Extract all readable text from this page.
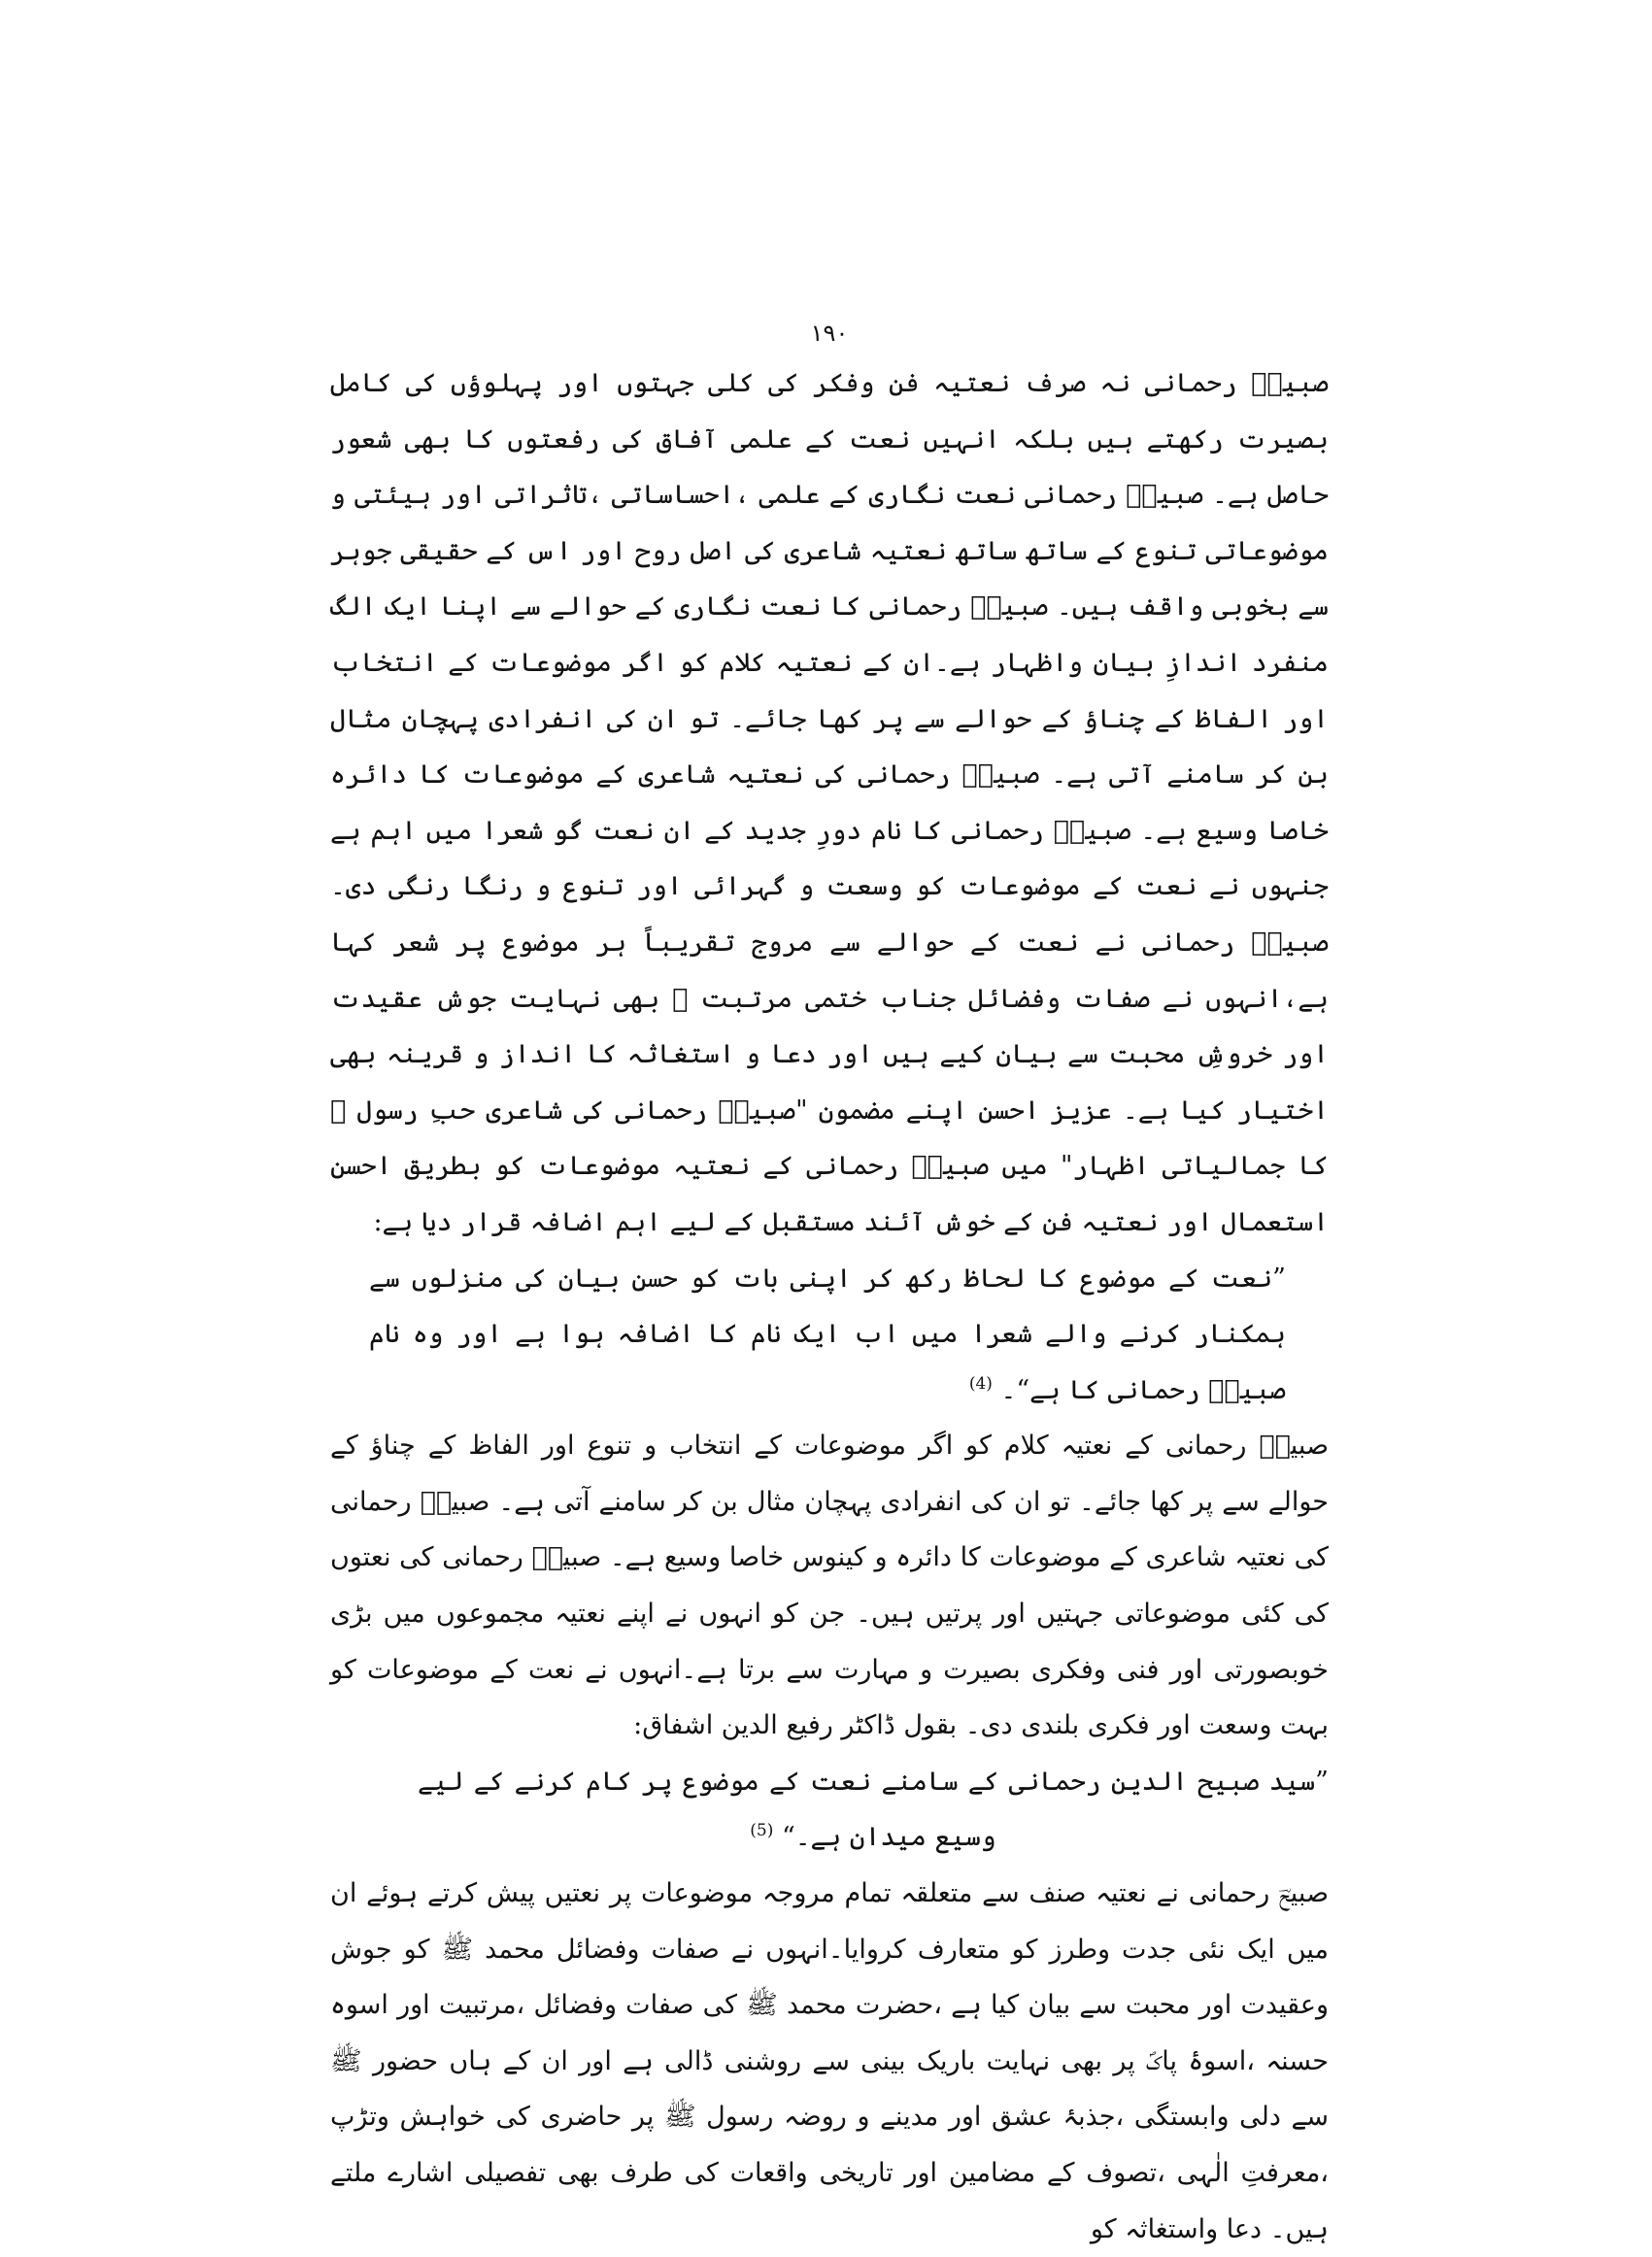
۱۹۰

صبیحؔ رحمانی نہ صرف نعتیہ فن وفکر کی کلی جہتوں اور پہلوؤں کی کامل بصیرت رکھتے ہیں بلکہ انہیں نعت کے علمی آفاق کی رفعتوں کا بھی شعور حاصل ہے۔ صبیحؔ رحمانی نعت نگاری کے علمی ،احساساتی ،تاثراتی اور ہیئتی و موضوعاتی تنوع کے ساتھ ساتھ نعتیہ شاعری کی اصل روح اور اس کے حقیقی جوہر سے بخوبی واقف ہیں۔ صبیحؔ رحمانی کا نعت نگاری کے حوالے سے اپنا ایک الگ منفرد اندازِ بیان واظہار ہے۔ان کے نعتیہ کلام کو اگر موضوعات کے انتخاب اور الفاظ کے چناؤ کے حوالے سے پر کھا جائے۔ تو ان کی انفرادی پہچان مثال بن کر سامنے آتی ہے۔ صبیحؔ رحمانی کی نعتیہ شاعری کے موضوعات کا دائرہ خاصا وسیع ہے۔ صبیحؔ رحمانی کا نام دورِ جدید کے ان نعت گو شعرا میں اہم ہے جنہوں نے نعت کے موضوعات کو وسعت و گہرائی اور تنوع و رنگا رنگی دی۔ صبیحؔ رحمانی نے نعت کے حوالے سے مروج تقریباً ہر موضوع پر شعر کہا ہے،انہوں نے صفات وفضائل جناب ختمی مرتبت ﷺ بھی نہایت جوش عقیدت اور خروشِ محبت سے بیان کیے ہیں اور دعا و استغاثہ کا انداز و قرینہ بھی اختیار کیا ہے۔ عزیز احسن اپنے مضمون "صبیحؔ رحمانی کی شاعری حبِ رسول ﷺ کا جمالیاتی اظہار" میں صبیحؔ رحمانی کے نعتیہ موضوعات کو بطریق احسن استعمال اور نعتیہ فن کے خوش آئند مستقبل کے لیے اہم اضافہ قرار دیا ہے:

”نعت کے موضوع کا لحاظ رکھ کر اپنی بات کو حسنِ بیان کی منزلوں سے ہمکنار کرنے والے شعرا میں اب ایک نام کا اضافہ ہوا ہے اور وہ نام صبیحؔ رحمانی کا ہے“۔ $^{(4)}$

صبیحؔ رحمانی کے نعتیہ کلام کو اگر موضوعات کے انتخاب و تنوع اور الفاظ کے چناؤ کے حوالے سے پر کھا جائے۔ تو ان کی انفرادی پہچان مثال بن کر سامنے آتی ہے۔ صبیحؔ رحمانی کی نعتیہ شاعری کے موضوعات کا دائرہ و کینوس خاصا وسیع ہے۔ صبیحؔ رحمانی کی نعتوں کی کئی موضوعاتی جہتیں اور پرتیں ہیں۔ جن کو انہوں نے اپنے نعتیہ مجموعوں میں بڑی خوبصورتی اور فنی وفکری بصیرت و مہارت سے برتا ہے۔انہوں نے نعت کے موضوعات کو بہت وسعت اور فکری بلندی دی۔ بقول ڈاکٹر رفیع الدین اشفاق:

”سید صبیح الدین رحمانی کے سامنے نعت کے موضوع پر کام کرنے کے لیے وسیع میدان ہے۔“ $^{(5)}$

صبیحؔ رحمانی نے نعتیہ صنف سے متعلقہ تمام مروجہ موضوعات پر نعتیں پیش کرتے ہوئے ان میں ایک نئی جدت وطرز کو متعارف کروایا۔انہوں نے صفات وفضائل محمد ﷺ کو جوش وعقیدت اور محبت سے بیان کیا ہے ،حضرت محمد ﷺ کی صفات وفضائل ،مرتبیت اور اسوہ حسنہ ،اسوۂ پاکؐ پر بھی نہایت باریک بینی سے روشنی ڈالی ہے اور ان کے ہاں حضور ﷺ سے دلی وابستگی ،جذبۂ عشق اور مدینے و روضہ رسول ﷺ پر حاضری کی خواہش وتڑپ ،معرفتِ الٰہی ،تصوف کے مضامین اور تاریخی واقعات کی طرف بھی تفصیلی اشارے ملتے ہیں۔ دعا واستغاثہ کو
